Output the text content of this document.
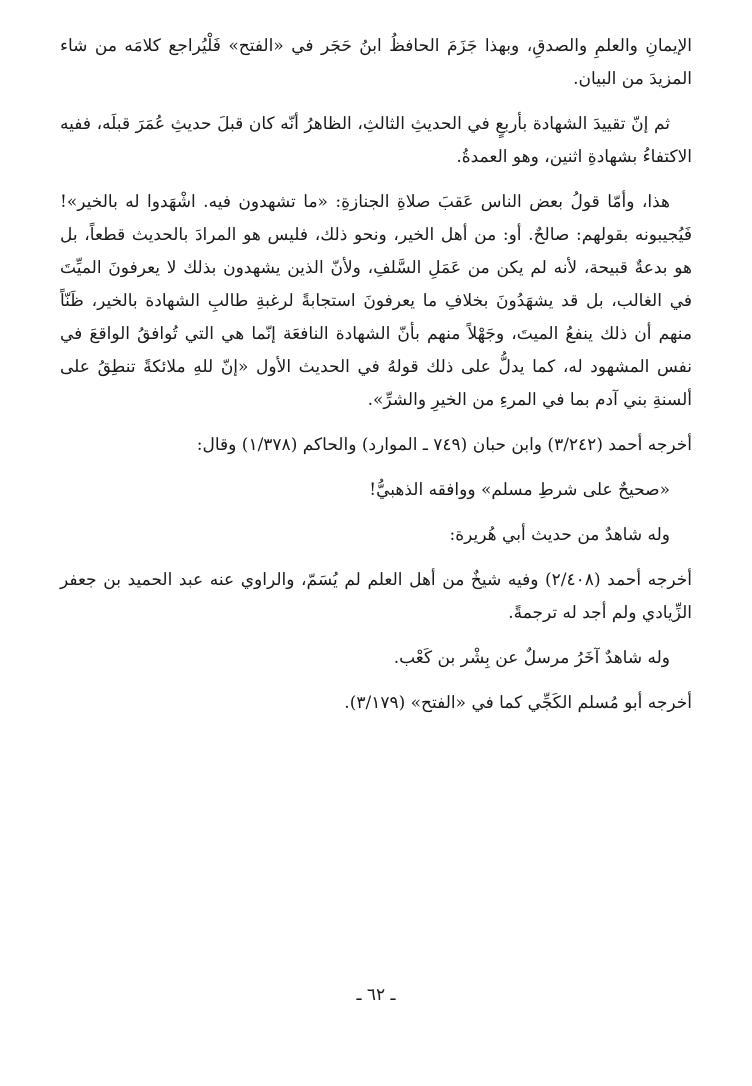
الإيمانِ والعلمِ والصدقِ، وبهذا جَزَمَ الحافظُ ابنُ حَجَر في «الفتح» فَلْيُراجع كلامَه من شاء المزيدَ من البيان.

ثم إنّ تقييدَ الشهادة بأربعٍ في الحديثِ الثالثِ، الظاهرُ أنّه كان قبلَ حديثِ عُمَرَ قبلَه، ففيه الاكتفاءُ بشهادةِ اثنين، وهو العمدةُ.

هذا، وأمّا قولُ بعض الناس عَقبَ صلاةِ الجنازةِ: «ما تشهدون فيه. اشْهَدوا له بالخير»! فَيُجيبونه بقولهم: صالحٌ. أو: من أهل الخير، ونحو ذلك، فليس هو المرادَ بالحديث قطعاً، بل هو بدعةٌ قبيحة، لأنه لم يكن من عَمَلِ السَّلفِ، ولأنّ الذين يشهدون بذلك لا يعرفونَ الميِّتَ في الغالب، بل قد يشهَدُونَ بخلافِ ما يعرفونَ استجابةً لرغبةِ طالبِ الشهادة بالخير، ظَنّاً منهم أن ذلك ينفعُ الميتَ، وجَهْلاً منهم بأنّ الشهادة النافعَة إنّما هي التي تُوافقُ الواقعَ في نفس المشهود له، كما يدلُّ على ذلك قولهُ في الحديث الأول «إنّ للهِ ملائكةً تنطِقُ على ألسنةِ بني آدم بما في المرءِ من الخيرِ والشرِّ».

أخرجه أحمد (٣/٢٤٢) وابن حبان (٧٤٩ ـ الموارد) والحاكم (١/٣٧٨) وقال:

«صحيحٌ على شرطِ مسلم» ووافقه الذهبيُّ!

وله شاهدٌ من حديث أبي هُريرة:

أخرجه أحمد (٢/٤٠٨) وفيه شيخٌ من أهل العلم لم يُسَمّ، والراوي عنه عبد الحميد بن جعفر الزِّيادي ولم أجد له ترجمةً.

وله شاهدٌ آخَرُ مرسلٌ عن بِشْر بن كَعْب.

أخرجه أبو مُسلم الكَجِّي كما في «الفتح» (٣/١٧٩).

ـ ٦٢ ـ
